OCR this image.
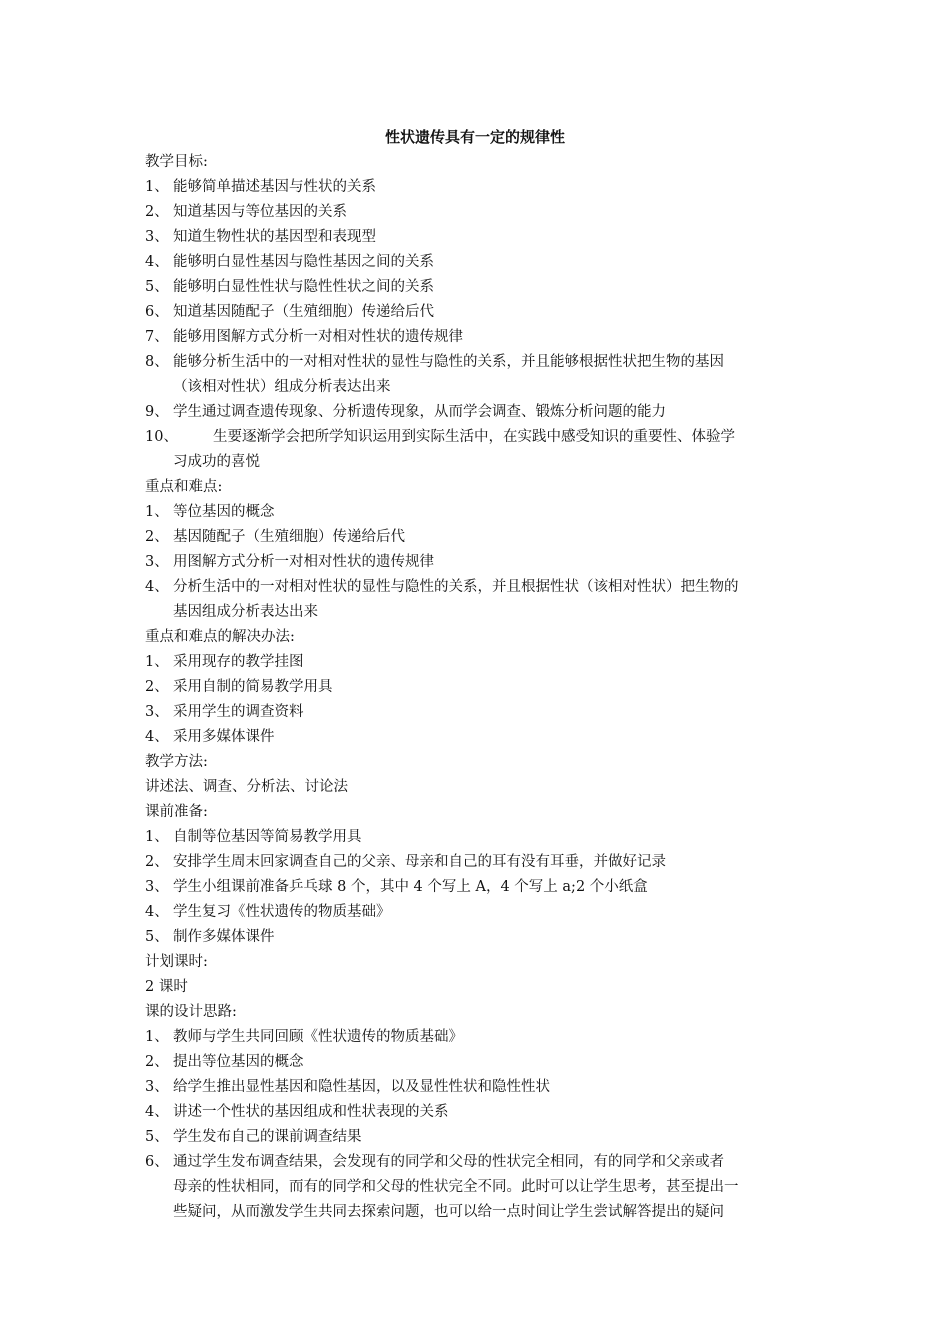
性状遗传具有一定的规律性
教学目标:
1、 能够简单描述基因与性状的关系
2、 知道基因与等位基因的关系
3、 知道生物性状的基因型和表现型
4、 能够明白显性基因与隐性基因之间的关系
5、 能够明白显性性状与隐性性状之间的关系
6、 知道基因随配子（生殖细胞）传递给后代
7、 能够用图解方式分析一对相对性状的遗传规律
8、 能够分析生活中的一对相对性状的显性与隐性的关系，并且能够根据性状把生物的基因
（该相对性状）组成分析表达出来
9、 学生通过调查遗传现象、分析遗传现象，从而学会调查、锻炼分析问题的能力
10、	生要逐渐学会把所学知识运用到实际生活中，在实践中感受知识的重要性、体验学
习成功的喜悦
重点和难点:
1、 等位基因的概念
2、 基因随配子（生殖细胞）传递给后代
3、 用图解方式分析一对相对性状的遗传规律
4、 分析生活中的一对相对性状的显性与隐性的关系，并且根据性状（该相对性状）把生物的
基因组成分析表达出来
重点和难点的解决办法:
1、 采用现存的教学挂图
2、 采用自制的简易教学用具
3、 采用学生的调查资料
4、 采用多媒体课件
教学方法:
讲述法、调查、分析法、讨论法
课前准备:
1、 自制等位基因等简易教学用具
2、 安排学生周末回家调查自己的父亲、母亲和自己的耳有没有耳垂，并做好记录
3、 学生小组课前准备乒乓球 8 个，其中 4 个写上 A，4 个写上 a;2 个小纸盒
4、 学生复习《性状遗传的物质基础》
5、 制作多媒体课件
计划课时:
2 课时
课的设计思路:
1、 教师与学生共同回顾《性状遗传的物质基础》
2、 提出等位基因的概念
3、 给学生推出显性基因和隐性基因，以及显性性状和隐性性状
4、 讲述一个性状的基因组成和性状表现的关系
5、 学生发布自己的课前调查结果
6、 通过学生发布调查结果，会发现有的同学和父母的性状完全相同，有的同学和父亲或者
母亲的性状相同，而有的同学和父母的性状完全不同。此时可以让学生思考，甚至提出一
些疑问，从而激发学生共同去探索问题，也可以给一点时间让学生尝试解答提出的疑问
